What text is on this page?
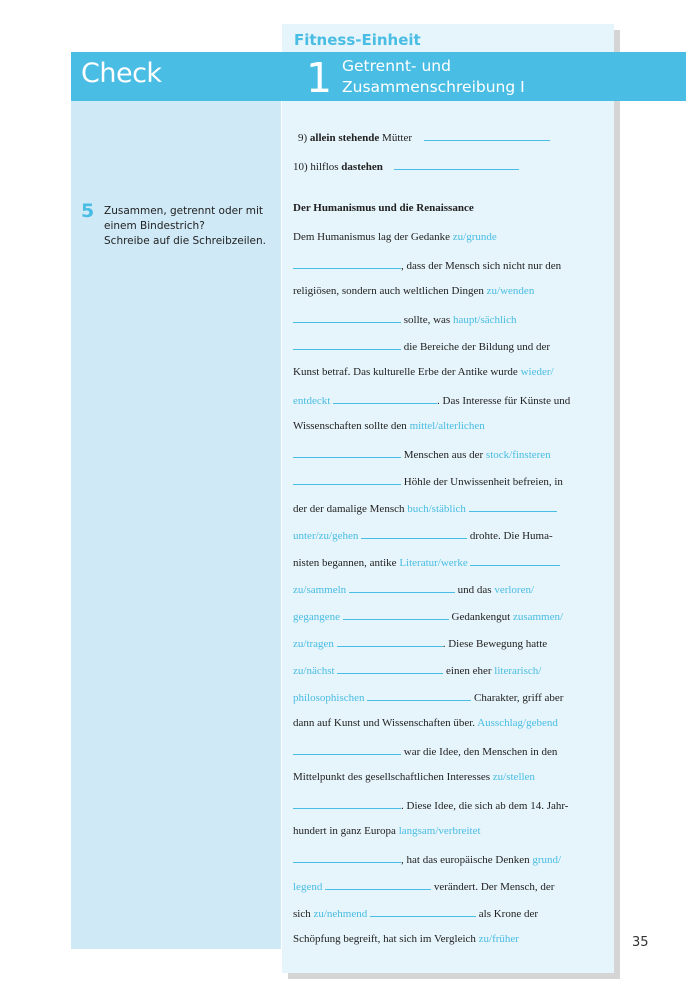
Check
Fitness-Einheit
1 Getrennt- und
Zusammenschreibung I
9) allein stehende Mütter
10) hilflos dastehen
5 Zusammen, getrennt oder mit
einem Bindestrich?
Schreibe auf die Schreibzeilen.
Der Humanismus und die Renaissance
Dem Humanismus lag der Gedanke zu/grunde
, dass der Mensch sich nicht nur den
religiösen, sondern auch weltlichen Dingen zu/wenden
sollte, was haupt/sächlich
die Bereiche der Bildung und der
Kunst betraf. Das kulturelle Erbe der Antike wurde wieder/
entdeckt	. Das Interesse für Künste und
Wissenschaften sollte den mittel/alterlichen
Menschen aus der stock/finsteren
Höhle der Unwissenheit befreien, in
der der damalige Mensch buch/stäblich
unter/zu/gehen	drohte. Die Huma-
nisten begannen, antike Literatur/werke
zu/sammeln	und das verloren/
gegangene	Gedankengut zusammen/
zu/tragen	. Diese Bewegung hatte
zu/nächst	einen eher literarisch/
philosophischen	Charakter, griff aber
dann auf Kunst und Wissenschaften über. Ausschlag/gebend
war die Idee, den Menschen in den
Mittelpunkt des gesellschaftlichen Interesses zu/stellen
. Diese Idee, die sich ab dem 14. Jahr-
hundert in ganz Europa langsam/verbreitet
, hat das europäische Denken grund/
legend	verändert. Der Mensch, der
sich zu/nehmend	als Krone der
Schöpfung begreift, hat sich im Vergleich zu/früher	35
